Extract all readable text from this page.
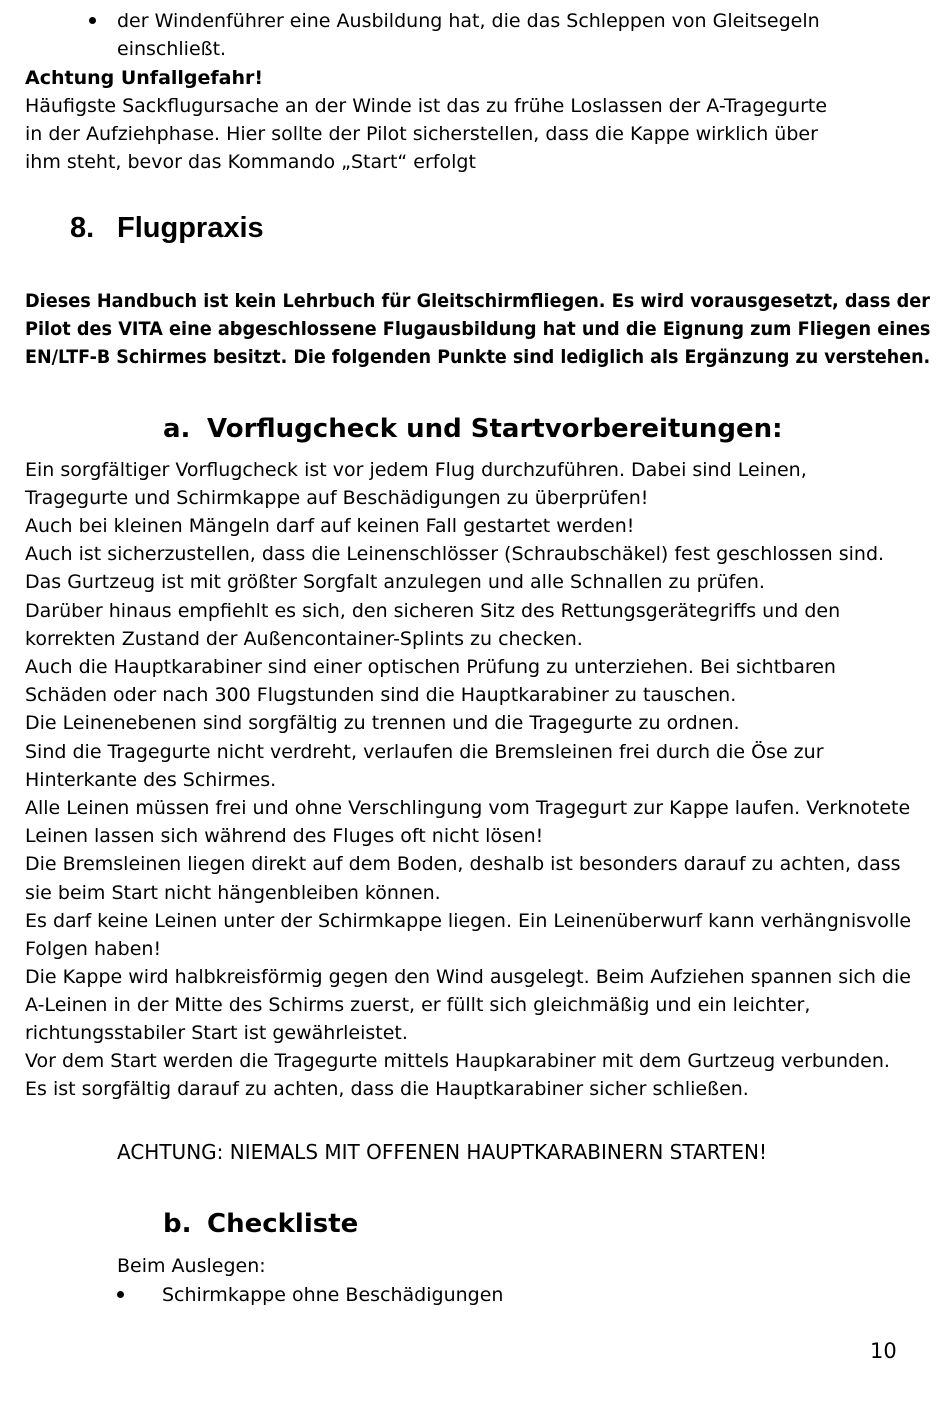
der Windenführer eine Ausbildung hat, die das Schleppen von Gleitsegeln
einschließt.
Achtung Unfallgefahr!
Häufigste Sackflugursache an der Winde ist das zu frühe Loslassen der A-Tragegurte
in der Aufziehphase. Hier sollte der Pilot sicherstellen, dass die Kappe wirklich über
ihm steht, bevor das Kommando „Start“ erfolgt
8. Flugpraxis
Dieses Handbuch ist kein Lehrbuch für Gleitschirmfliegen. Es wird vorausgesetzt, dass der
Pilot des VITA eine abgeschlossene Flugausbildung hat und die Eignung zum Fliegen eines
EN/LTF-B Schirmes besitzt. Die folgenden Punkte sind lediglich als Ergänzung zu verstehen.
a. Vorflugcheck und Startvorbereitungen:
Ein sorgfältiger Vorflugcheck ist vor jedem Flug durchzuführen. Dabei sind Leinen,
Tragegurte und Schirmkappe auf Beschädigungen zu überprüfen!
Auch bei kleinen Mängeln darf auf keinen Fall gestartet werden!
Auch ist sicherzustellen, dass die Leinenschlösser (Schraubschäkel) fest geschlossen sind.
Das Gurtzeug ist mit größter Sorgfalt anzulegen und alle Schnallen zu prüfen.
Darüber hinaus empfiehlt es sich, den sicheren Sitz des Rettungsgerätegriffs und den
korrekten Zustand der Außencontainer-Splints zu checken.
Auch die Hauptkarabiner sind einer optischen Prüfung zu unterziehen. Bei sichtbaren
Schäden oder nach 300 Flugstunden sind die Hauptkarabiner zu tauschen.
Die Leinenebenen sind sorgfältig zu trennen und die Tragegurte zu ordnen.
Sind die Tragegurte nicht verdreht, verlaufen die Bremsleinen frei durch die Öse zur
Hinterkante des Schirmes.
Alle Leinen müssen frei und ohne Verschlingung vom Tragegurt zur Kappe laufen. Verknotete
Leinen lassen sich während des Fluges oft nicht lösen!
Die Bremsleinen liegen direkt auf dem Boden, deshalb ist besonders darauf zu achten, dass
sie beim Start nicht hängenbleiben können.
Es darf keine Leinen unter der Schirmkappe liegen. Ein Leinenüberwurf kann verhängnisvolle
Folgen haben!
Die Kappe wird halbkreisförmig gegen den Wind ausgelegt. Beim Aufziehen spannen sich die
A-Leinen in der Mitte des Schirms zuerst, er füllt sich gleichmäßig und ein leichter,
richtungsstabiler Start ist gewährleistet.
Vor dem Start werden die Tragegurte mittels Haupkarabiner mit dem Gurtzeug verbunden.
Es ist sorgfältig darauf zu achten, dass die Hauptkarabiner sicher schließen.
ACHTUNG: NIEMALS MIT OFFENEN HAUPTKARABINERN STARTEN!
b. Checkliste
Beim Auslegen:
Schirmkappe ohne Beschädigungen
10
